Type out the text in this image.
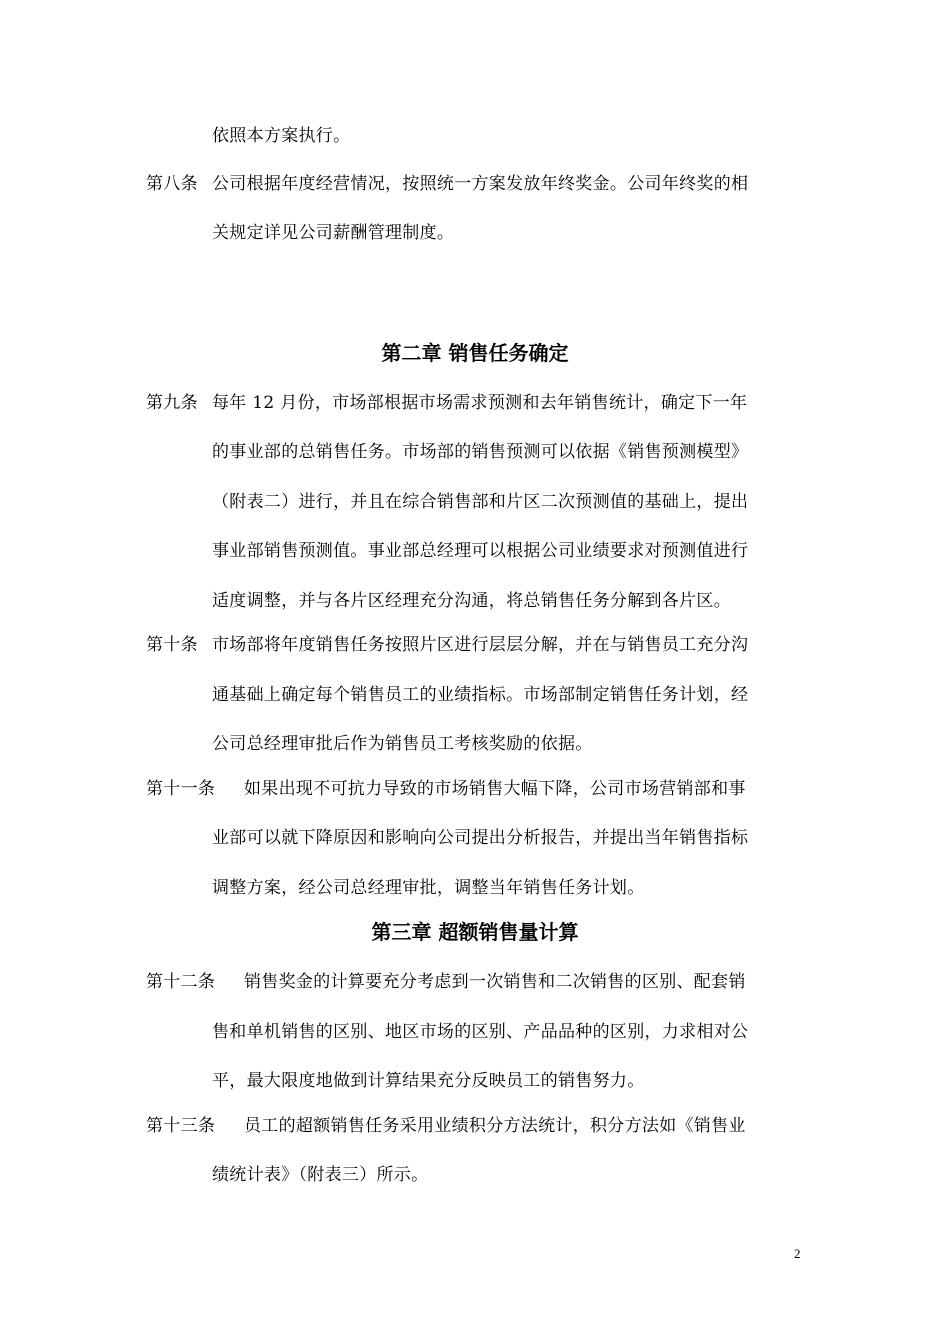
依照本方案执行。
第八条 公司根据年度经营情况，按照统一方案发放年终奖金。公司年终奖的相
关规定详见公司薪酬管理制度。
第二章 销售任务确定
第九条 每年 12 月份，市场部根据市场需求预测和去年销售统计，确定下一年
的事业部的总销售任务。市场部的销售预测可以依据《销售预测模型》
（附表二）进行，并且在综合销售部和片区二次预测值的基础上，提出
事业部销售预测值。事业部总经理可以根据公司业绩要求对预测值进行
适度调整，并与各片区经理充分沟通，将总销售任务分解到各片区。
第十条 市场部将年度销售任务按照片区进行层层分解，并在与销售员工充分沟
通基础上确定每个销售员工的业绩指标。市场部制定销售任务计划，经
公司总经理审批后作为销售员工考核奖励的依据。
第十一条 如果出现不可抗力导致的市场销售大幅下降，公司市场营销部和事
业部可以就下降原因和影响向公司提出分析报告，并提出当年销售指标
调整方案，经公司总经理审批，调整当年销售任务计划。
第三章 超额销售量计算
第十二条 销售奖金的计算要充分考虑到一次销售和二次销售的区别、配套销
售和单机销售的区别、地区市场的区别、产品品种的区别，力求相对公
平，最大限度地做到计算结果充分反映员工的销售努力。
第十三条 员工的超额销售任务采用业绩积分方法统计，积分方法如《销售业
绩统计表》（附表三）所示。
2
